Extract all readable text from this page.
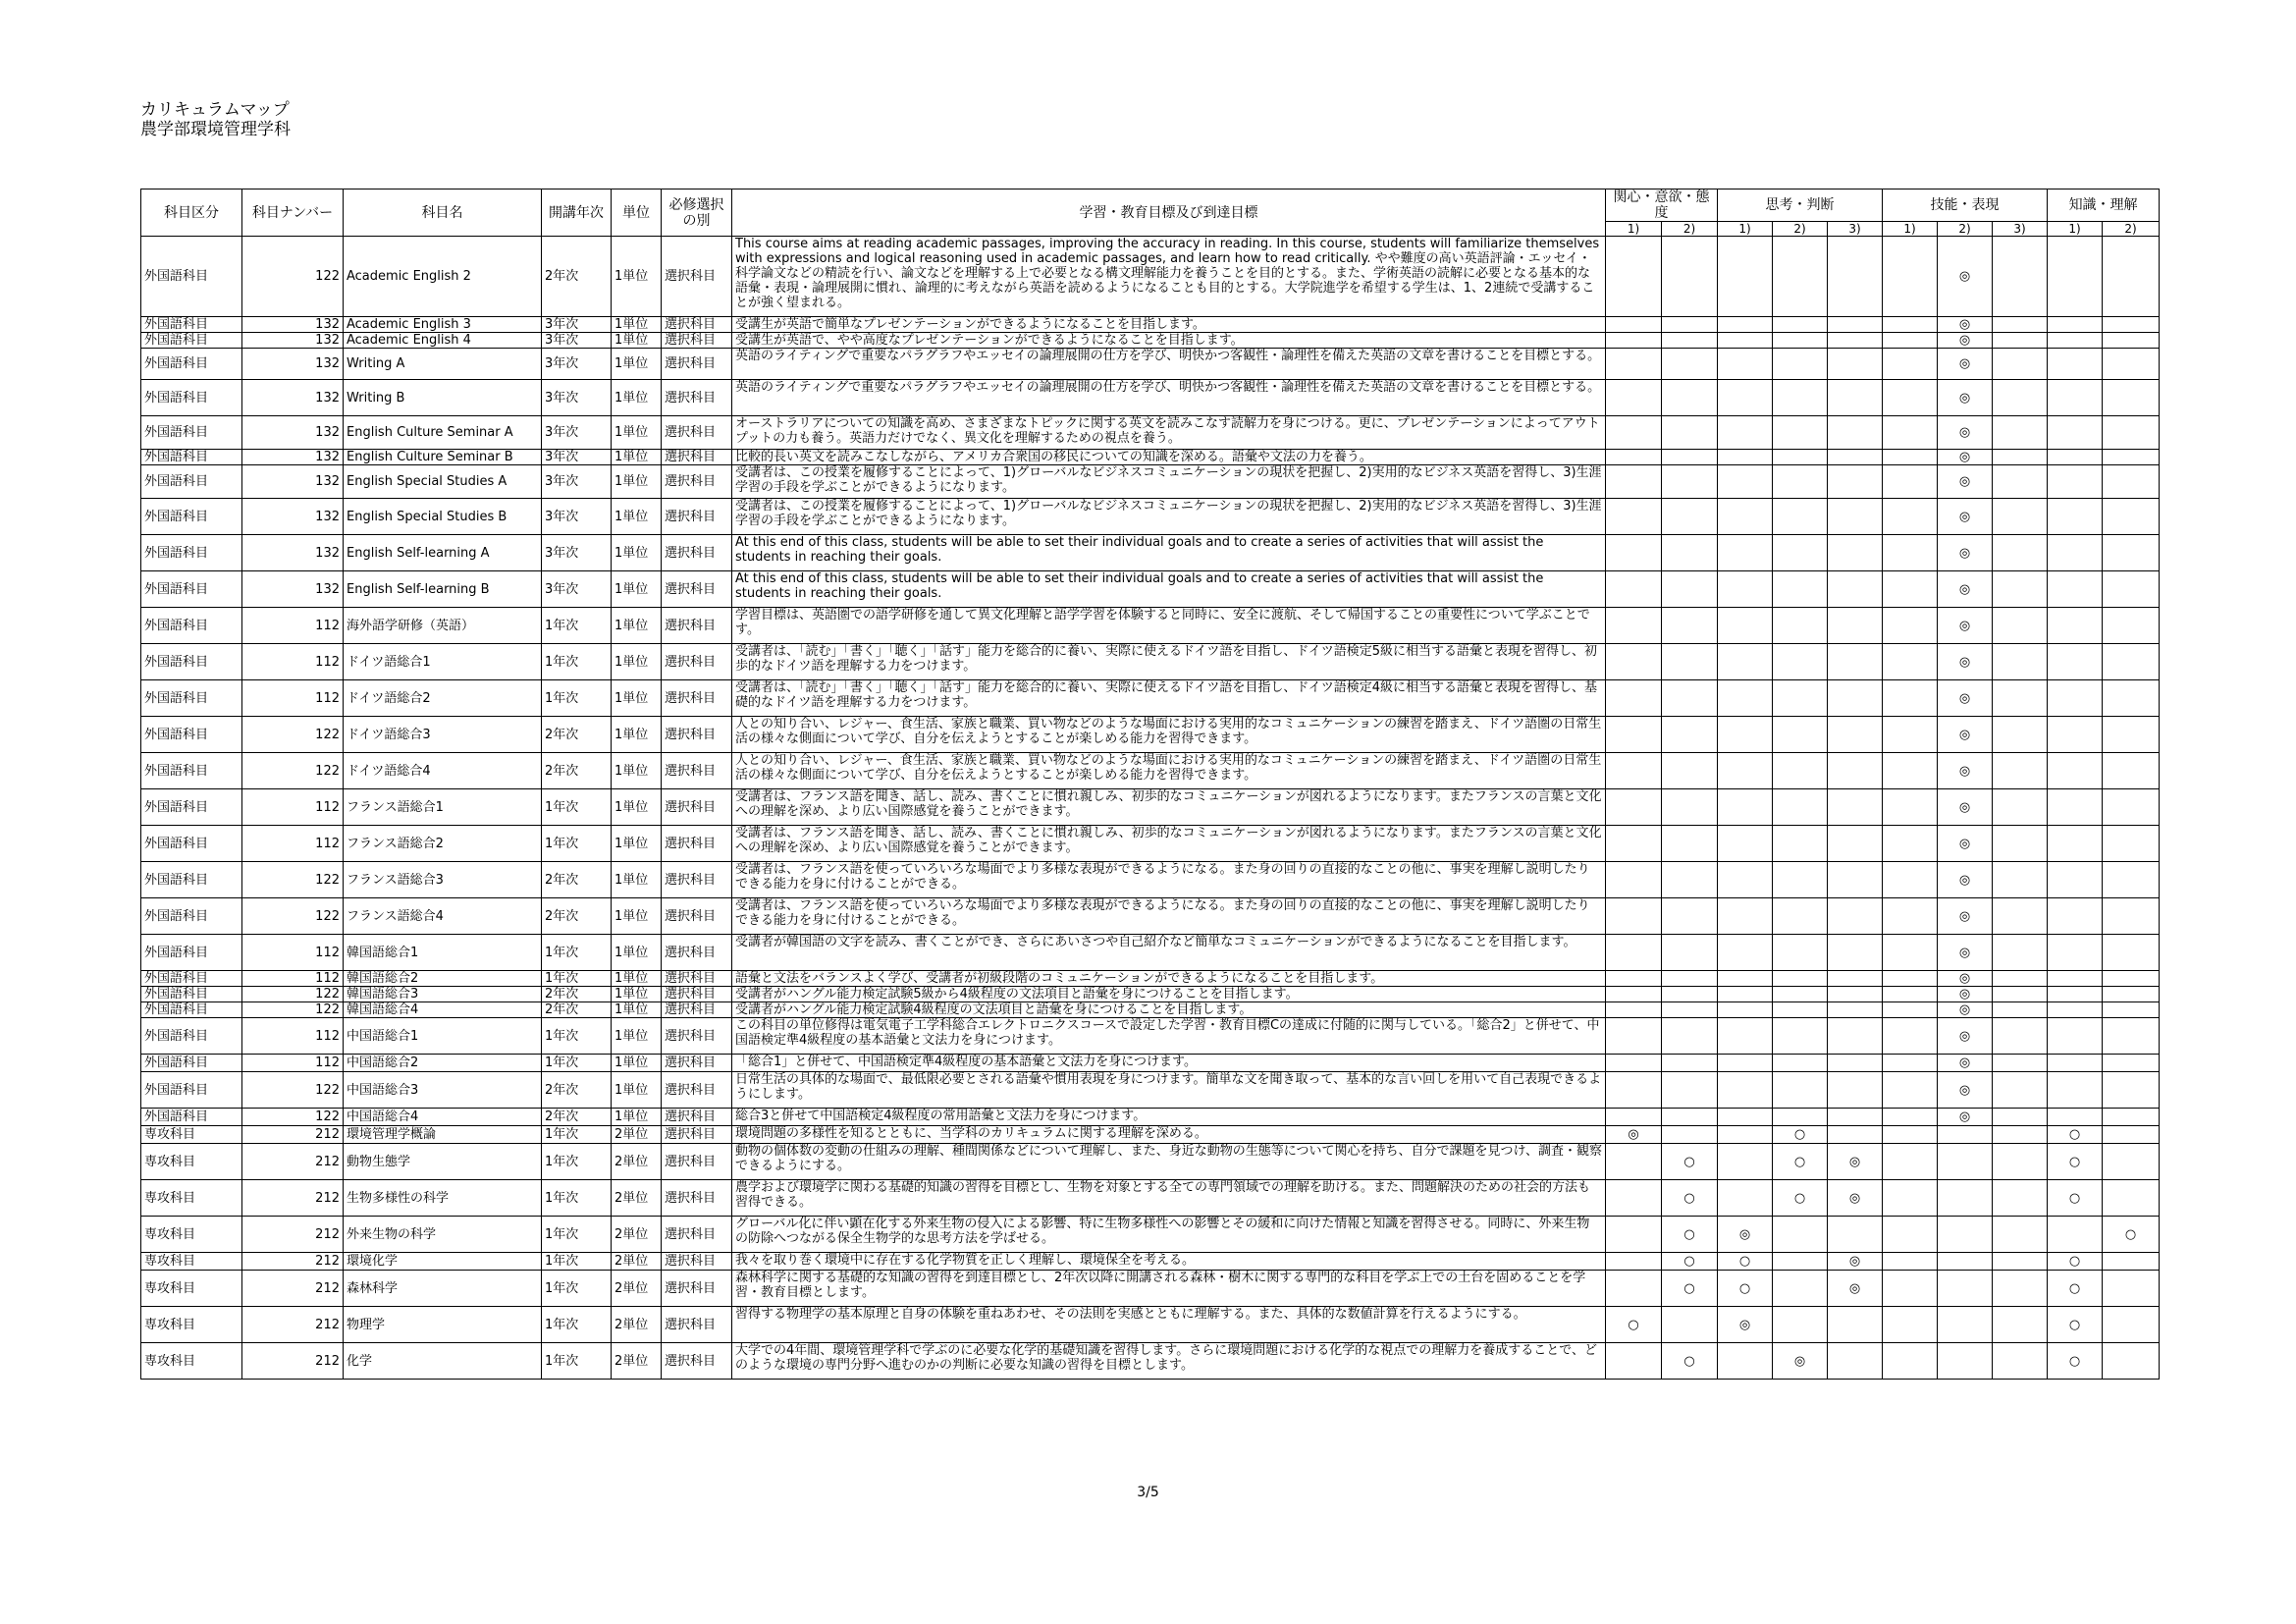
カリキュラムマップ
農学部環境管理学科
科目区分	科目ナンバー	科目名	開講年次	単位	必修選択の別	学習・教育目標及び到達目標	関心・意欲・態度		思考・判断			技能・表現			知識・理解	
							1)	2)	1)	2)	3)	1)	2)	3)	1)	2)
外国語科目	122	Academic English 2	2年次	1単位	選択科目	This course aims at reading academic passages, improving the accuracy in reading. In this course, students will familiarize themselves with expressions and logical reasoning used in academic passages, and learn how to read critically. やや難度の高い英語評論・エッセイ・科学論文などの精読を行い、論文などを理解する上で必要となる構文理解能力を養うことを目的とする。また、学術英語の読解に必要となる基本的な語彙・表現・論理展開に慣れ、論理的に考えながら英語を読めるようになることも目的とする。大学院進学を希望する学生は、1、2連続で受講することが強く望まれる。							◎			
外国語科目	132	Academic English 3	3年次	1単位	選択科目	受講生が英語で簡単なプレゼンテーションができるようになることを目指します。							◎			
外国語科目	132	Academic English 4	3年次	1単位	選択科目	受講生が英語で、やや高度なプレゼンテーションができるようになることを目指します。							◎			
外国語科目	132	Writing A	3年次	1単位	選択科目	英語のライティングで重要なパラグラフやエッセイの論理展開の仕方を学び、明快かつ客観性・論理性を備えた英語の文章を書けることを目標とする。							◎			
外国語科目	132	Writing B	3年次	1単位	選択科目	英語のライティングで重要なパラグラフやエッセイの論理展開の仕方を学び、明快かつ客観性・論理性を備えた英語の文章を書けることを目標とする。							◎			
外国語科目	132	English Culture Seminar A	3年次	1単位	選択科目	オーストラリアについての知識を高め、さまざまなトピックに関する英文を読みこなす読解力を身につける。更に、プレゼンテーションによってアウトプットの力も養う。英語力だけでなく、異文化を理解するための視点を養う。							◎			
外国語科目	132	English Culture Seminar B	3年次	1単位	選択科目	比較的長い英文を読みこなしながら、アメリカ合衆国の移民についての知識を深める。語彙や文法の力を養う。							◎			
外国語科目	132	English Special Studies A	3年次	1単位	選択科目	受講者は、この授業を履修することによって、1)グローバルなビジネスコミュニケーションの現状を把握し、2)実用的なビジネス英語を習得し、3)生涯学習の手段を学ぶことができるようになります。							◎			
外国語科目	132	English Special Studies B	3年次	1単位	選択科目	受講者は、この授業を履修することによって、1)グローバルなビジネスコミュニケーションの現状を把握し、2)実用的なビジネス英語を習得し、3)生涯学習の手段を学ぶことができるようになります。							◎			
外国語科目	132	English Self-learning A	3年次	1単位	選択科目	At this end of this class, students will be able to set their individual goals and to create a series of activities that will assist the students in reaching their goals.							◎			
外国語科目	132	English Self-learning B	3年次	1単位	選択科目	At this end of this class, students will be able to set their individual goals and to create a series of activities that will assist the students in reaching their goals.							◎			
外国語科目	112	海外語学研修（英語）	1年次	1単位	選択科目	学習目標は、英語圏での語学研修を通して異文化理解と語学学習を体験すると同時に、安全に渡航、そして帰国することの重要性について学ぶことです。							◎			
外国語科目	112	ドイツ語総合1	1年次	1単位	選択科目	受講者は、「読む」「書く」「聴く」「話す」能力を総合的に養い、実際に使えるドイツ語を目指し、ドイツ語検定5級に相当する語彙と表現を習得し、初歩的なドイツ語を理解する力をつけます。							◎			
外国語科目	112	ドイツ語総合2	1年次	1単位	選択科目	受講者は、「読む」「書く」「聴く」「話す」能力を総合的に養い、実際に使えるドイツ語を目指し、ドイツ語検定4級に相当する語彙と表現を習得し、基礎的なドイツ語を理解する力をつけます。							◎			
外国語科目	122	ドイツ語総合3	2年次	1単位	選択科目	人との知り合い、レジャー、食生活、家族と職業、買い物などのような場面における実用的なコミュニケーションの練習を踏まえ、ドイツ語圏の日常生活の様々な側面について学び、自分を伝えようとすることが楽しめる能力を習得できます。							◎			
外国語科目	122	ドイツ語総合4	2年次	1単位	選択科目	人との知り合い、レジャー、食生活、家族と職業、買い物などのような場面における実用的なコミュニケーションの練習を踏まえ、ドイツ語圏の日常生活の様々な側面について学び、自分を伝えようとすることが楽しめる能力を習得できます。							◎			
外国語科目	112	フランス語総合1	1年次	1単位	選択科目	受講者は、フランス語を聞き、話し、読み、書くことに慣れ親しみ、初歩的なコミュニケーションが図れるようになります。またフランスの言葉と文化への理解を深め、より広い国際感覚を養うことができます。							◎			
外国語科目	112	フランス語総合2	1年次	1単位	選択科目	受講者は、フランス語を聞き、話し、読み、書くことに慣れ親しみ、初歩的なコミュニケーションが図れるようになります。またフランスの言葉と文化への理解を深め、より広い国際感覚を養うことができます。							◎			
外国語科目	122	フランス語総合3	2年次	1単位	選択科目	受講者は、フランス語を使っていろいろな場面でより多様な表現ができるようになる。また身の回りの直接的なことの他に、事実を理解し説明したりできる能力を身に付けることができる。							◎			
外国語科目	122	フランス語総合4	2年次	1単位	選択科目	受講者は、フランス語を使っていろいろな場面でより多様な表現ができるようになる。また身の回りの直接的なことの他に、事実を理解し説明したりできる能力を身に付けることができる。							◎			
外国語科目	112	韓国語総合1	1年次	1単位	選択科目	受講者が韓国語の文字を読み、書くことができ、さらにあいさつや自己紹介など簡単なコミュニケーションができるようになることを目指します。							◎			
外国語科目	112	韓国語総合2	1年次	1単位	選択科目	語彙と文法をバランスよく学び、受講者が初級段階のコミュニケーションができるようになることを目指します。							◎			
外国語科目	122	韓国語総合3	2年次	1単位	選択科目	受講者がハングル能力検定試験5級から4級程度の文法項目と語彙を身につけることを目指します。							◎			
外国語科目	122	韓国語総合4	2年次	1単位	選択科目	受講者がハングル能力検定試験4級程度の文法項目と語彙を身につけることを目指します。							◎			
外国語科目	112	中国語総合1	1年次	1単位	選択科目	この科目の単位修得は電気電子工学科総合エレクトロニクスコースで設定した学習・教育目標Cの達成に付随的に関与している。「総合2」と併せて、中国語検定準4級程度の基本語彙と文法力を身につけます。							◎			
外国語科目	112	中国語総合2	1年次	1単位	選択科目	「総合1」と併せて、中国語検定準4級程度の基本語彙と文法力を身につけます。							◎			
外国語科目	122	中国語総合3	2年次	1単位	選択科目	日常生活の具体的な場面で、最低限必要とされる語彙や慣用表現を身につけます。簡単な文を聞き取って、基本的な言い回しを用いて自己表現できるようにします。							◎			
外国語科目	122	中国語総合4	2年次	1単位	選択科目	総合3と併せて中国語検定4級程度の常用語彙と文法力を身につけます。							◎			
専攻科目	212	環境管理学概論	1年次	2単位	選択科目	環境問題の多様性を知るとともに、当学科のカリキュラムに関する理解を深める。	◎			○					○	
専攻科目	212	動物生態学	1年次	2単位	選択科目	動物の個体数の変動の仕組みの理解、種間関係などについて理解し、また、身近な動物の生態等について関心を持ち、自分で課題を見つけ、調査・観察できるようにする。		○		○	◎				○	
専攻科目	212	生物多様性の科学	1年次	2単位	選択科目	農学および環境学に関わる基礎的知識の習得を目標とし、生物を対象とする全ての専門領域での理解を助ける。また、問題解決のための社会的方法も習得できる。		○		○	◎				○	
専攻科目	212	外来生物の科学	1年次	2単位	選択科目	グローバル化に伴い顕在化する外来生物の侵入による影響、特に生物多様性への影響とその緩和に向けた情報と知識を習得させる。同時に、外来生物の防除へつながる保全生物学的な思考方法を学ばせる。		○	◎							○
専攻科目	212	環境化学	1年次	2単位	選択科目	我々を取り巻く環境中に存在する化学物質を正しく理解し、環境保全を考える。		○	○		◎				○	
専攻科目	212	森林科学	1年次	2単位	選択科目	森林科学に関する基礎的な知識の習得を到達目標とし、2年次以降に開講される森林・樹木に関する専門的な科目を学ぶ上での土台を固めることを学習・教育目標とします。		○	○		◎				○	
専攻科目	212	物理学	1年次	2単位	選択科目	習得する物理学の基本原理と自身の体験を重ねあわせ、その法則を実感とともに理解する。また、具体的な数値計算を行えるようにする。	○		◎						○	
専攻科目	212	化学	1年次	2単位	選択科目	大学での4年間、環境管理学科で学ぶのに必要な化学的基礎知識を習得します。さらに環境問題における化学的な視点での理解力を養成することで、どのような環境の専門分野へ進むのかの判断に必要な知識の習得を目標とします。		○		◎					○	
3/5
